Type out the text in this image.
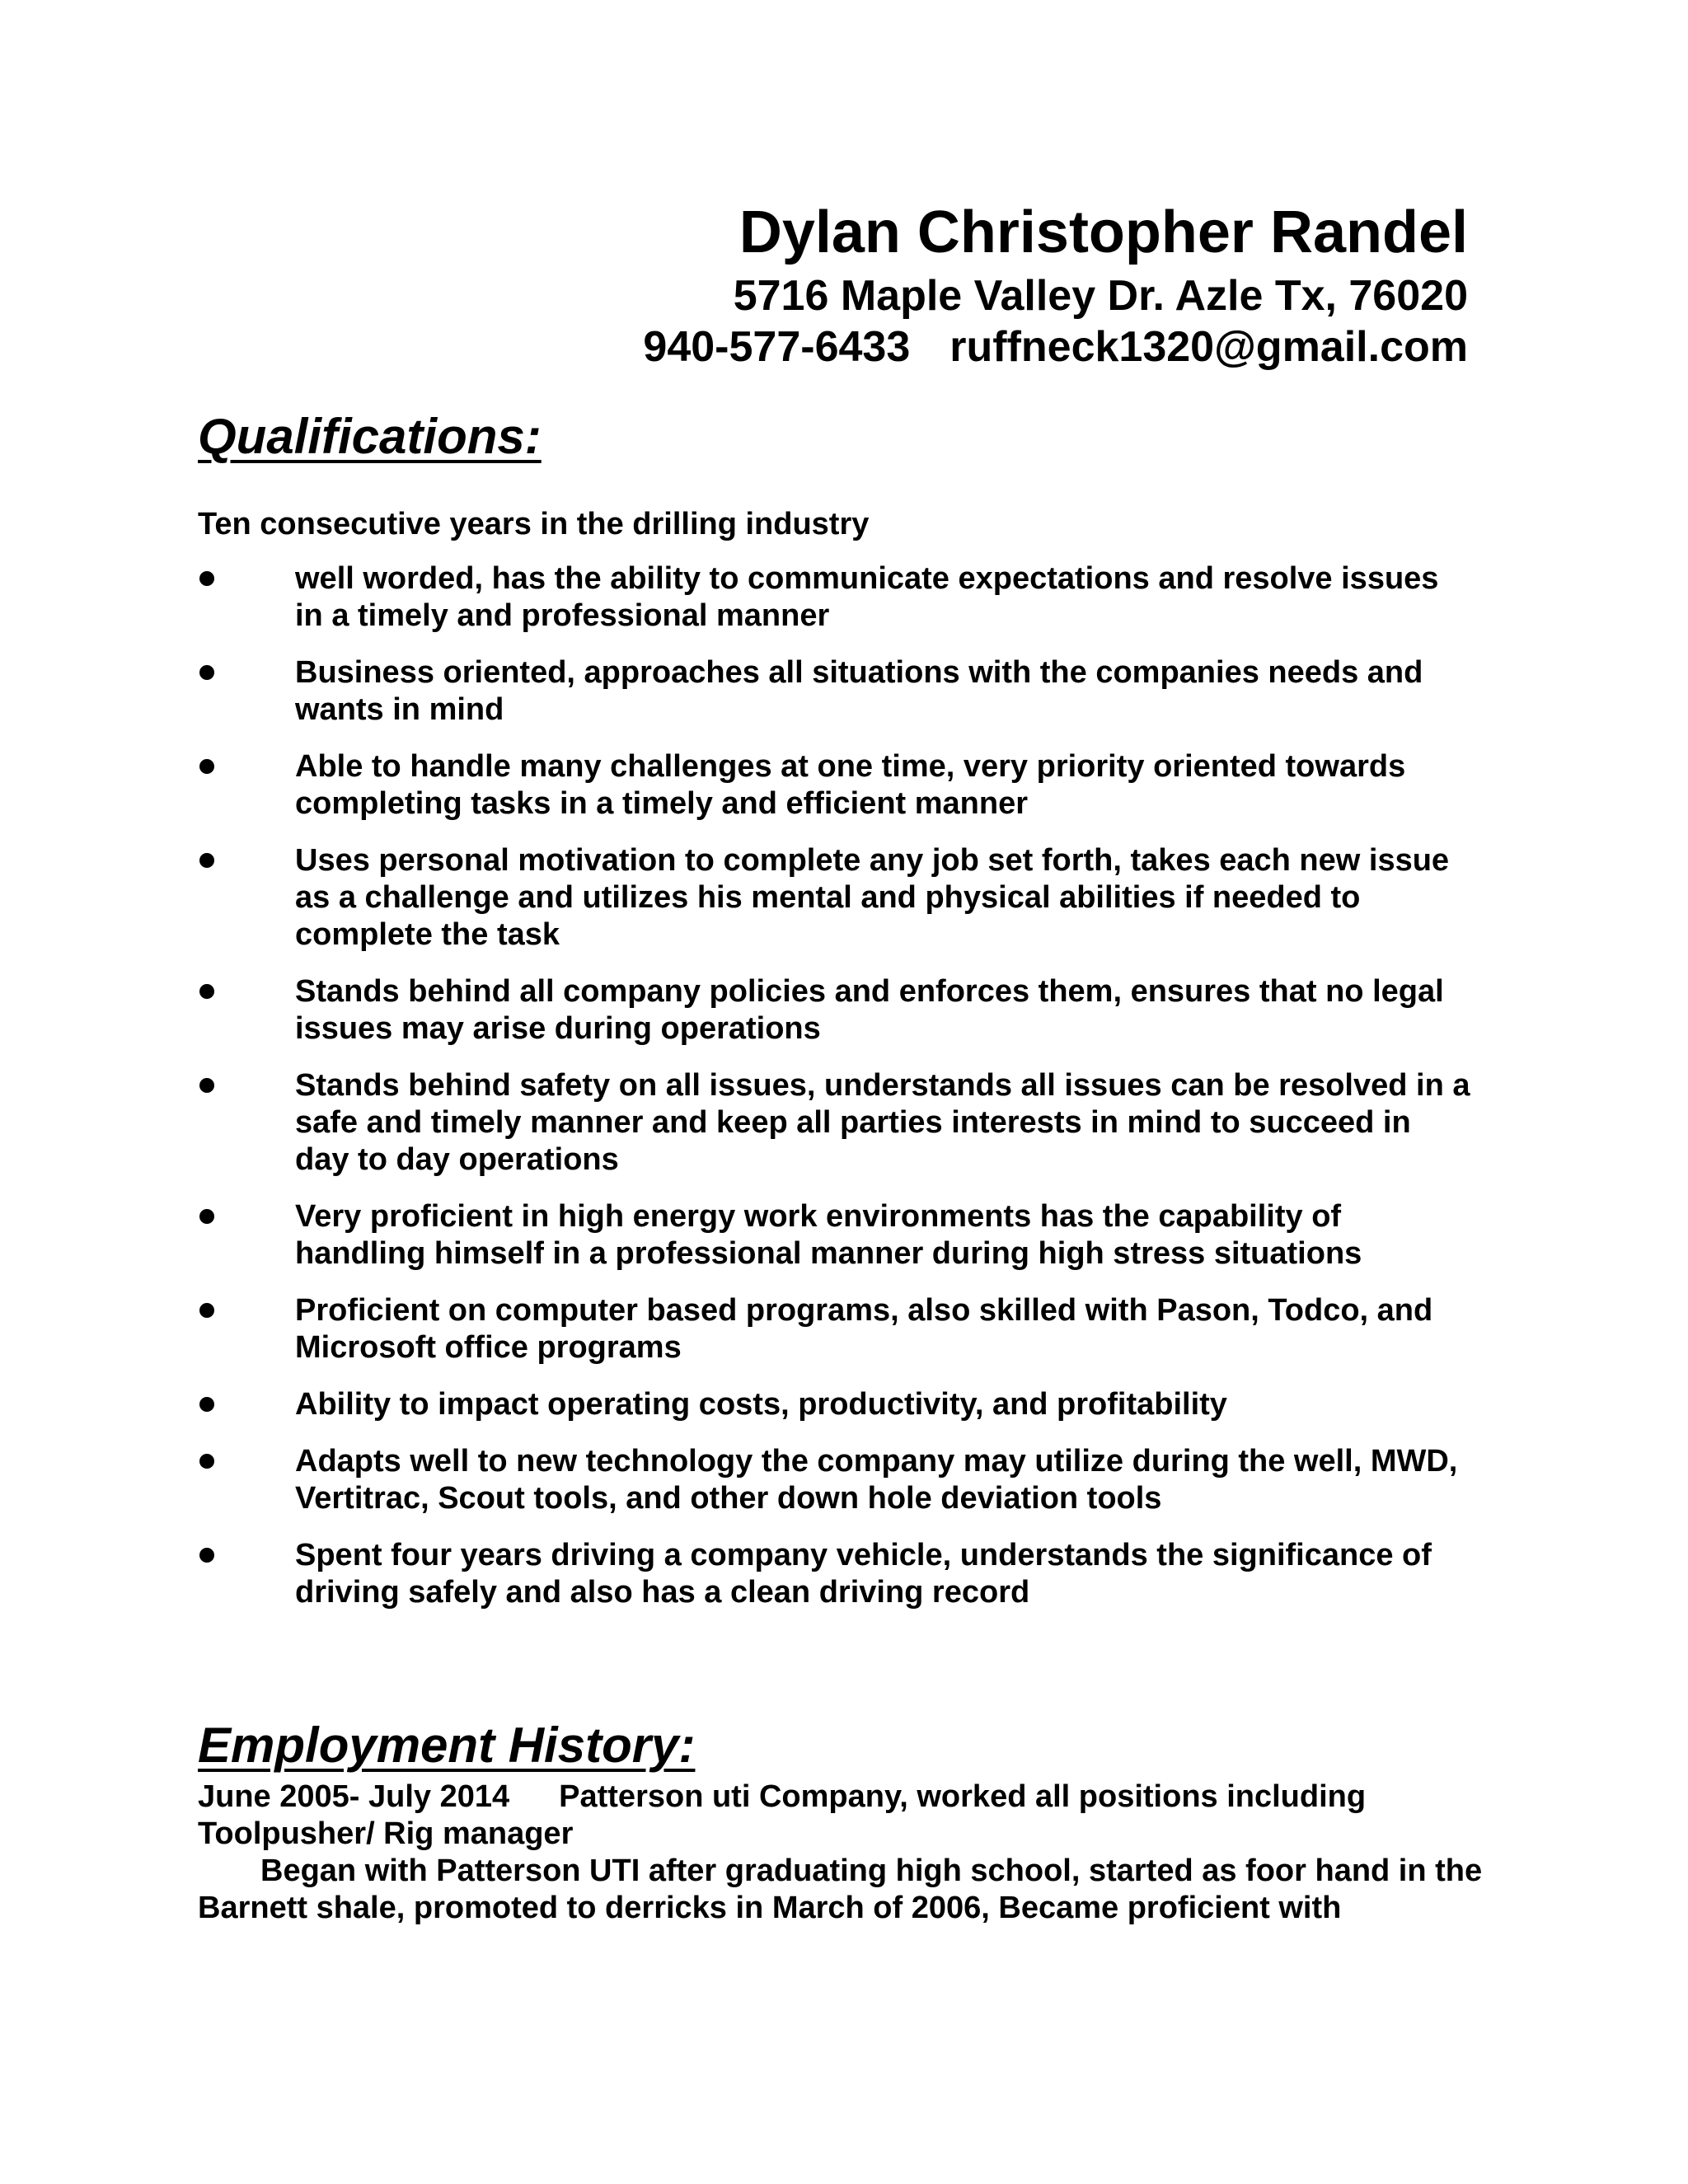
Dylan Christopher Randel

5716 Maple Valley Dr. Azle Tx, 76020

940-577-6433 ruffneck1320@gmail.com

Qualifications:

Ten consecutive years in the drilling industry

well worded, has the ability to communicate expectations and resolve issues in a timely and professional manner
Business oriented, approaches all situations with the companies needs and wants in mind
Able to handle many challenges at one time, very priority oriented towards completing tasks in a timely and efficient manner
Uses personal motivation to complete any job set forth, takes each new issue as a challenge and utilizes his mental and physical abilities if needed to complete the task
Stands behind all company policies and enforces them, ensures that no legal issues may arise during operations
Stands behind safety on all issues, understands all issues can be resolved in a safe and timely manner and keep all parties interests in mind to succeed in day to day operations
Very proficient in high energy work environments has the capability of handling himself in a professional manner during high stress situations
Proficient on computer based programs, also skilled with Pason, Todco, and Microsoft office programs
Ability to impact operating costs, productivity, and profitability
Adapts well to new technology the company may utilize during the well, MWD, Vertitrac, Scout tools, and other down hole deviation tools
Spent four years driving a company vehicle, understands the significance of driving safely and also has a clean driving record
Employment History:

June 2005- July 2014 Patterson uti Company, worked all positions including Toolpusher/ Rig manager

Began with Patterson UTI after graduating high school, started as foor hand in the Barnett shale, promoted to derricks in March of 2006, Became proficient with
